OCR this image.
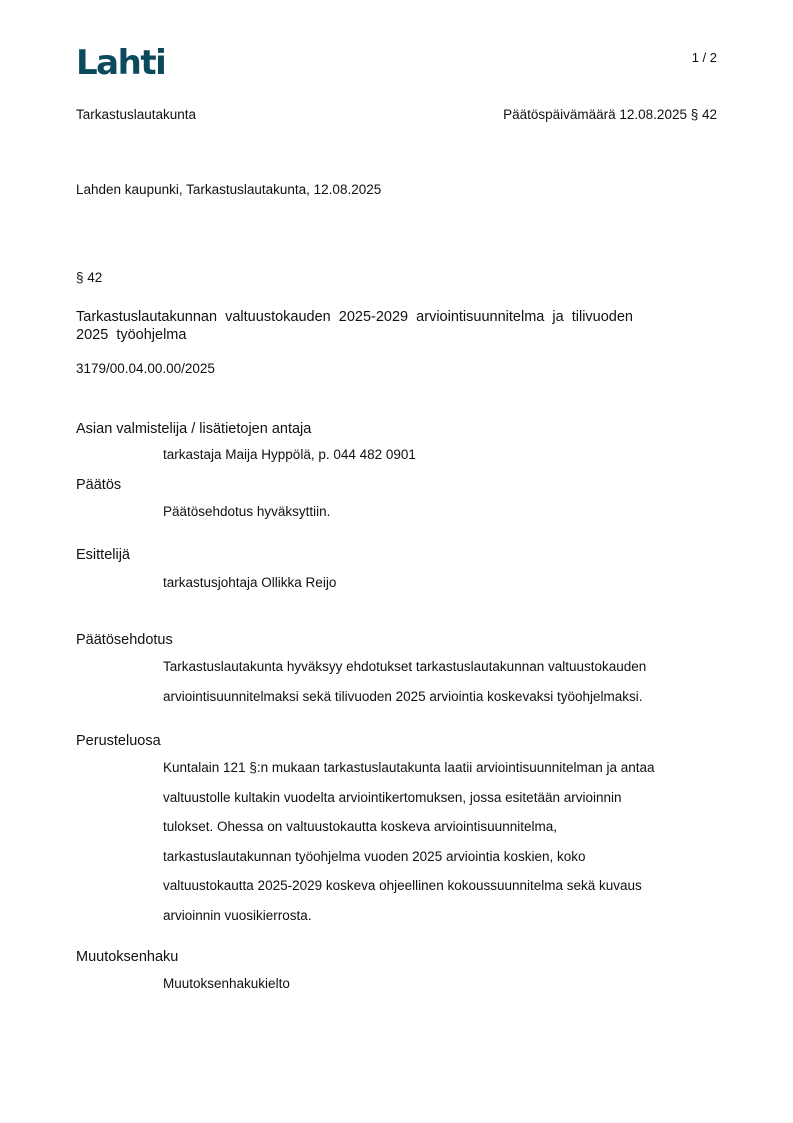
Lahti	1 / 2
Tarkastuslautakunta	Päätöspäivämäärä 12.08.2025 § 42
Lahden kaupunki, Tarkastuslautakunta, 12.08.2025
§ 42
Tarkastuslautakunnan  valtuustokauden  2025-2029  arviointisuunnitelma  ja  tilivuoden
2025  työohjelma
3179/00.04.00.00/2025
Asian valmistelija / lisätietojen antaja
tarkastaja Maija Hyppölä, p. 044 482 0901
Päätös
Päätösehdotus hyväksyttiin.
Esittelijä
tarkastusjohtaja Ollikka Reijo
Päätösehdotus
Tarkastuslautakunta hyväksyy ehdotukset tarkastuslautakunnan valtuustokauden
arviointisuunnitelmaksi sekä tilivuoden 2025 arviointia koskevaksi työohjelmaksi.
Perusteluosa
Kuntalain 121 §:n mukaan tarkastuslautakunta laatii arviointisuunnitelman ja antaa
valtuustolle kultakin vuodelta arviointikertomuksen, jossa esitetään arvioinnin
tulokset. Ohessa on valtuustokautta koskeva arviointisuunnitelma,
tarkastuslautakunnan työohjelma vuoden 2025 arviointia koskien, koko
valtuustokautta 2025-2029 koskeva ohjeellinen kokoussuunnitelma sekä kuvaus
arvioinnin vuosikierrosta.
Muutoksenhaku
Muutoksenhakukielto
